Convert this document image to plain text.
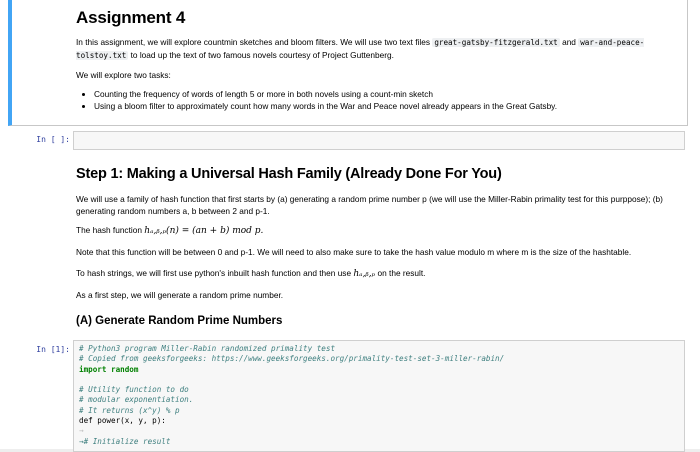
Assignment 4

In this assignment, we will explore countmin sketches and bloom filters. We will use two text files great-gatsby-fitzgerald.txt and war-and-peace-tolstoy.txt to load up the text of two famous novels courtesy of Project Guttenberg.

We will explore two tasks:
• Counting the frequency of words of length 5 or more in both novels using a count-min sketch
• Using a bloom filter to approximately count how many words in the War and Peace novel already appears in the Great Gatsby.
In [ ]:
Step 1: Making a Universal Hash Family (Already Done For You)
We will use a family of hash function that first starts by (a) generating a random prime number p (we will use the Miller-Rabin primality test for this purppose); (b) generating random numbers a, b between 2 and p-1.
The hash function hₐ,ᵦ,ₚ(n) = (an + b) mod p.
Note that this function will be between 0 and p-1. We will need to also make sure to take the hash value modulo m where m is the size of the hashtable.
To hash strings, we will first use python's inbuilt hash function and then use hₐ,ᵦ,ₚ on the result.
As a first step, we will generate a random prime number.
(A) Generate Random Prime Numbers
In [1]:	# Python3 program Miller-Rabin randomized primality test
# Copied from geeksforgeeks: https://www.geeksforgeeks.org/primality-test-set-3-miller-rabin/
import random

# Utility function to do
# modular exponentiation.
# It returns (x^y) % p
def power(x, y, p):
→
→# Initialize result
